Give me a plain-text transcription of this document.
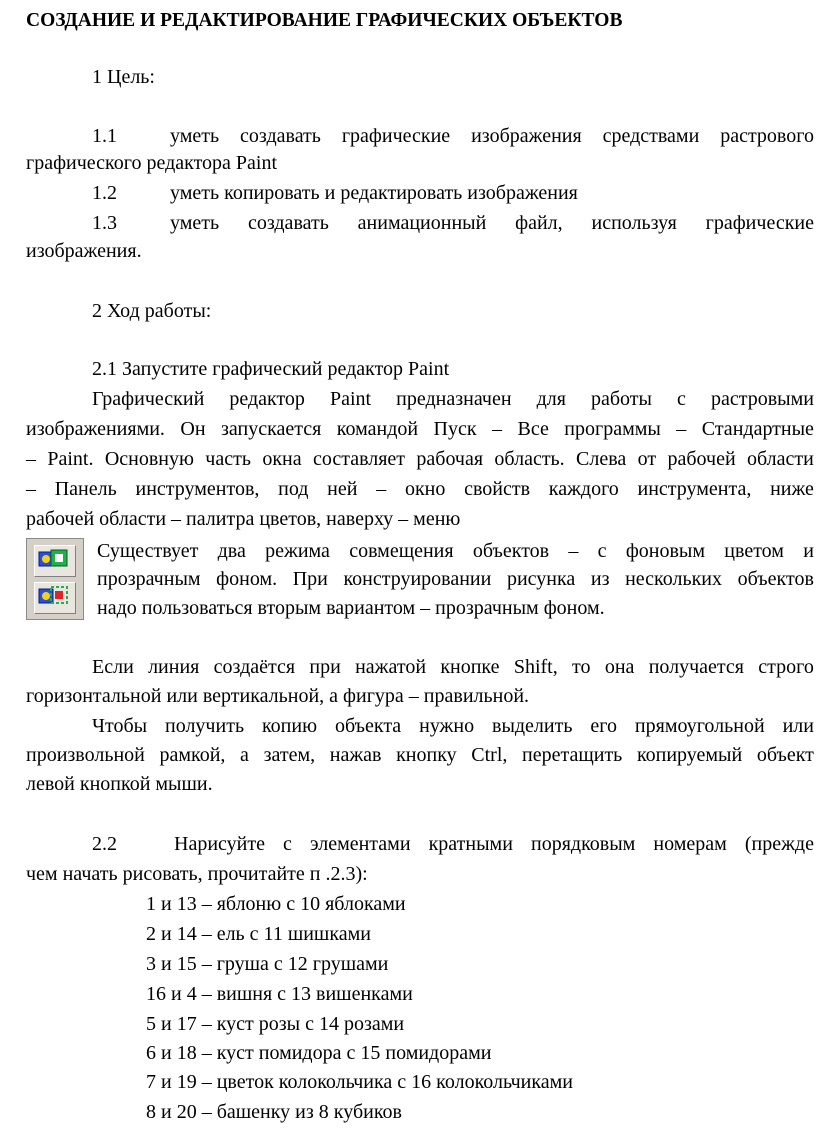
СОЗДАНИЕ И РЕДАКТИРОВАНИЕ ГРАФИЧЕСКИХ ОБЪЕКТОВ
1 Цель:
1.1	уметь создавать графические изображения средствами растрового
графического редактора Paint
1.2	уметь копировать и редактировать изображения
1.3	уметь создавать анимационный файл, используя графические
изображения.
2 Ход работы:
2.1 Запустите графический редактор Paint
Графический редактор Paint предназначен для работы с растровыми
изображениями. Он запускается командой Пуск – Все программы – Стандартные
– Paint. Основную часть окна составляет рабочая область. Слева от рабочей области
– Панель инструментов, под ней – окно свойств каждого инструмента, ниже
рабочей области – палитра цветов, наверху – меню
Существует два режима совмещения объектов – с фоновым цветом и
прозрачным фоном. При конструировании рисунка из нескольких объектов
надо пользоваться вторым вариантом – прозрачным фоном.
Если линия создаётся при нажатой кнопке Shift, то она получается строго
горизонтальной или вертикальной, а фигура – правильной.
Чтобы получить копию объекта нужно выделить его прямоугольной или
произвольной рамкой, а затем, нажав кнопку Ctrl, перетащить копируемый объект
левой кнопкой мыши.
2.2	Нарисуйте с элементами кратными порядковым номерам (прежде
чем начать рисовать, прочитайте п .2.3):
1 и 13 – яблоню с 10 яблоками
2 и 14 – ель с 11 шишками
3 и 15 – груша с 12 грушами
16 и 4 – вишня с 13 вишенками
5 и 17 – куст розы с 14 розами
6 и 18 – куст помидора с 15 помидорами
7 и 19 – цветок колокольчика с 16 колокольчиками
8 и 20 – башенку из 8 кубиков
